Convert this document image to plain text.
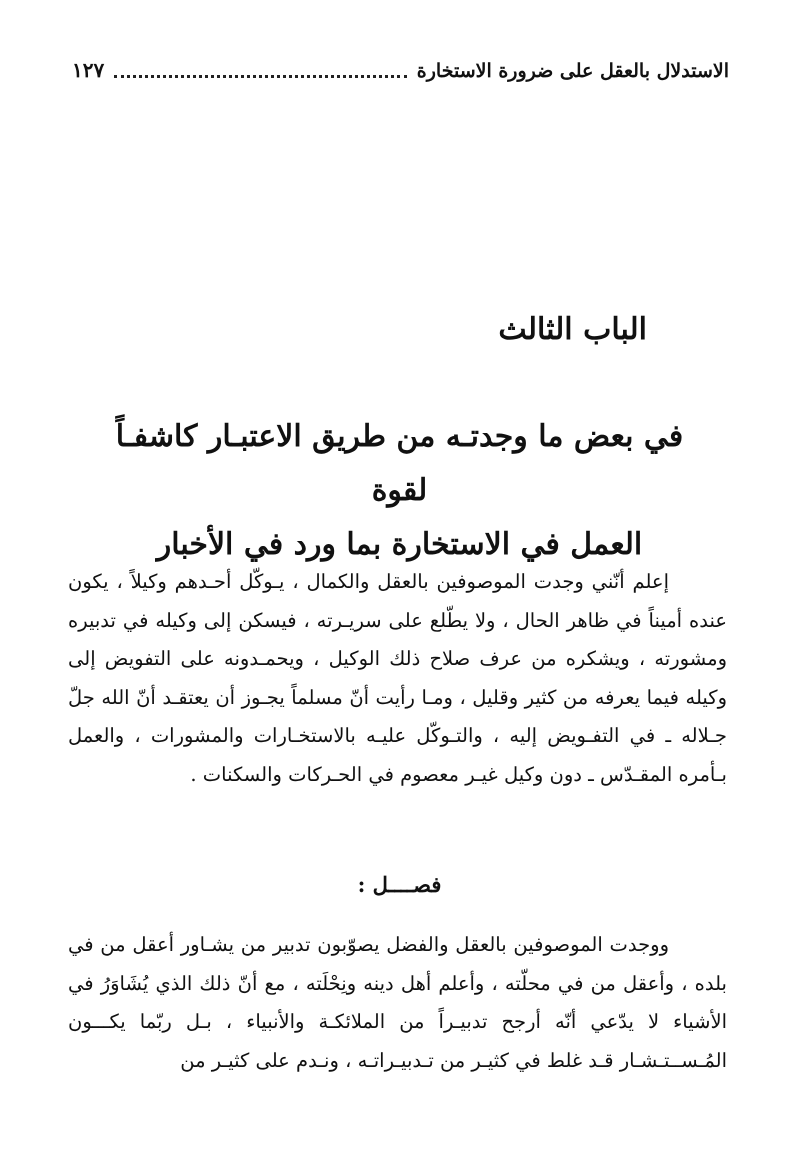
الاستدلال بالعقل على ضرورة الاستخارة
١٢٧
الباب الثالث
في بعض ما وجدتـه من طريق الاعتبـار كاشفـاً لقوة
العمل في الاستخارة بما ورد في الأخبار

إعلم أنّني وجدت الموصوفين بالعقل والكمال ، يـوكّل أحـدهم وكيلاً ، يكون عنده أميناً في ظاهر الحال ، ولا يطّلع على سريـرته ، فيسكن إلى وكيله في تدبيره ومشورته ، ويشكره من عرف صلاح ذلك الوكيل ، ويحمـدونه على التفويض إلى وكيله فيما يعرفه من كثير وقليل ، ومـا رأيت أنّ مسلماً يجـوز أن يعتقـد أنّ الله جلّ جـلاله ـ في التفـويض إليه ، والتـوكّل عليـه بالاستخـارات والمشورات ، والعمل بـأمره المقـدّس ـ دون وكيل غيـر معصوم في الحـركات والسكنات .

فصــــل :

ووجدت الموصوفين بالعقل والفضل يصوّبون تدبير من يشـاور أعقل من في بلده ، وأعقل من في محلّته ، وأعلم أهل دينه ونِحْلَته ، مع أنّ ذلك الذي يُشَاوَرُ في الأشياء لا يدّعي أنّه أرجح تدبيـراً من الملائكـة والأنبياء ، بـل ربّما يكـــون المُـســتـشـار قـد غلط في كثيـر من تـدبيـراتـه ، ونـدم على كثيـر من
